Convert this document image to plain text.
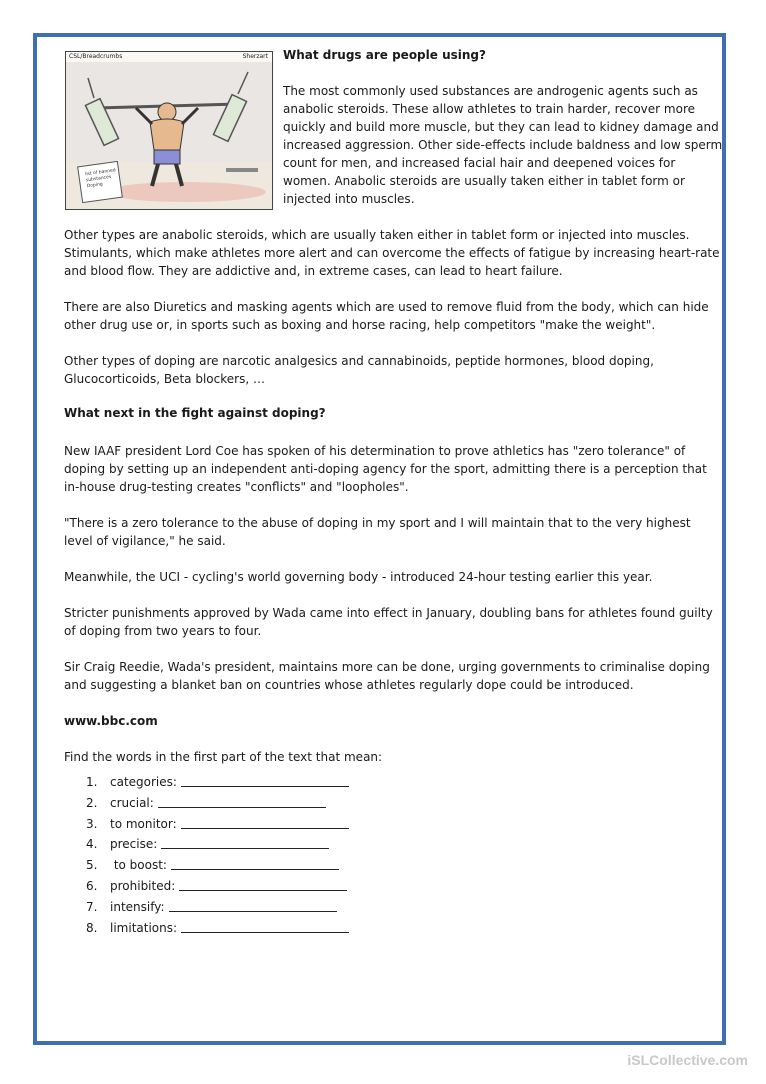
CSL/Breadcrumbs	Sherzart
list of banned substances Doping
What drugs are people using?

The most commonly used substances are androgenic agents such as anabolic steroids. These allow athletes to train harder, recover more quickly and build more muscle, but they can lead to kidney damage and increased aggression. Other side-effects include baldness and low sperm count for men, and increased facial hair and deepened voices for women. Anabolic steroids are usually taken either in tablet form or injected into muscles.

Other types are anabolic steroids, which are usually taken either in tablet form or injected into muscles. Stimulants, which make athletes more alert and can overcome the effects of fatigue by increasing heart-rate and blood flow. They are addictive and, in extreme cases, can lead to heart failure.

There are also Diuretics and masking agents which are used to remove fluid from the body, which can hide other drug use or, in sports such as boxing and horse racing, help competitors "make the weight".

Other types of doping are narcotic analgesics and cannabinoids, peptide hormones, blood doping, Glucocorticoids, Beta blockers, …

What next in the fight against doping?

New IAAF president Lord Coe has spoken of his determination to prove athletics has "zero tolerance" of doping by setting up an independent anti-doping agency for the sport, admitting there is a perception that in-house drug-testing creates "conflicts" and "loopholes".

"There is a zero tolerance to the abuse of doping in my sport and I will maintain that to the very highest level of vigilance," he said.

Meanwhile, the UCI - cycling's world governing body - introduced 24-hour testing earlier this year.

Stricter punishments approved by Wada came into effect in January, doubling bans for athletes found guilty of doping from two years to four.

Sir Craig Reedie, Wada's president, maintains more can be done, urging governments to criminalise doping and suggesting a blanket ban on countries whose athletes regularly dope could be introduced.

www.bbc.com

Find the words in the first part of the text that mean:

1.	categories:
2.	crucial:
3.	to monitor:
4.	precise:
5.	to boost:
6.	prohibited:
7.	intensify:
8.	limitations:
iSLCollective.com
